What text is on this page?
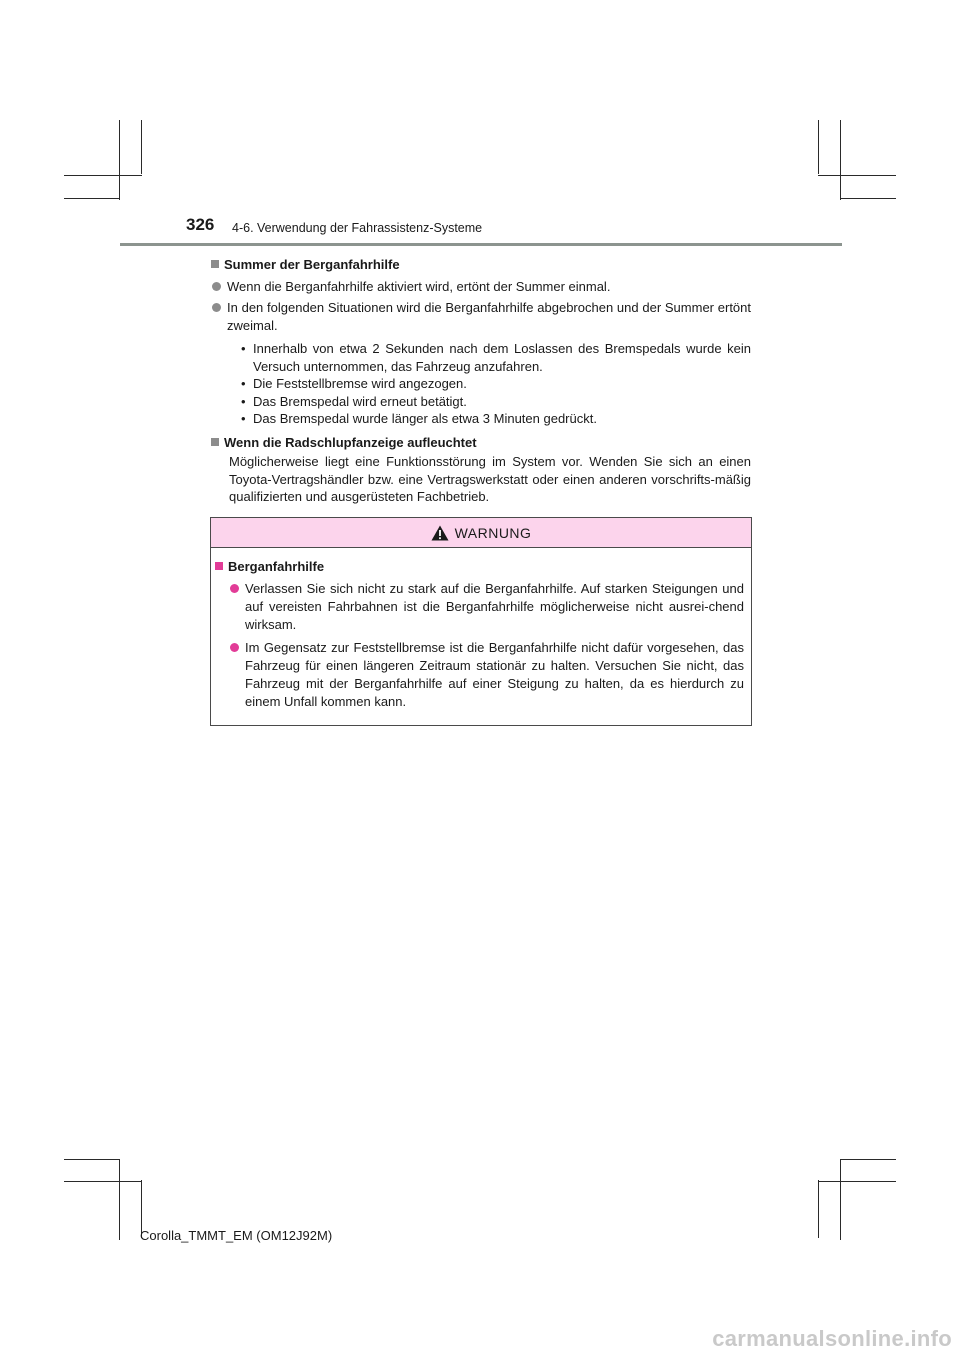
326 4-6. Verwendung der Fahrassistenz-Systeme
Summer der Berganfahrhilfe
Wenn die Berganfahrhilfe aktiviert wird, ertönt der Summer einmal.
In den folgenden Situationen wird die Berganfahrhilfe abgebrochen und der Summer ertönt zweimal.
• Innerhalb von etwa 2 Sekunden nach dem Loslassen des Bremspedals wurde kein Versuch unternommen, das Fahrzeug anzufahren.
• Die Feststellbremse wird angezogen.
• Das Bremspedal wird erneut betätigt.
• Das Bremspedal wurde länger als etwa 3 Minuten gedrückt.
Wenn die Radschlupfanzeige aufleuchtet
Möglicherweise liegt eine Funktionsstörung im System vor. Wenden Sie sich an einen Toyota-Vertragshändler bzw. eine Vertragswerkstatt oder einen anderen vorschrifts-mäßig qualifizierten und ausgerüsteten Fachbetrieb.
WARNUNG
Berganfahrhilfe
Verlassen Sie sich nicht zu stark auf die Berganfahrhilfe. Auf starken Steigungen und auf vereisten Fahrbahnen ist die Berganfahrhilfe möglicherweise nicht ausrei-chend wirksam.
Im Gegensatz zur Feststellbremse ist die Berganfahrhilfe nicht dafür vorgesehen, das Fahrzeug für einen längeren Zeitraum stationär zu halten. Versuchen Sie nicht, das Fahrzeug mit der Berganfahrhilfe auf einer Steigung zu halten, da es hierdurch zu einem Unfall kommen kann.
Corolla_TMMT_EM (OM12J92M)
carmanualsonline.info
